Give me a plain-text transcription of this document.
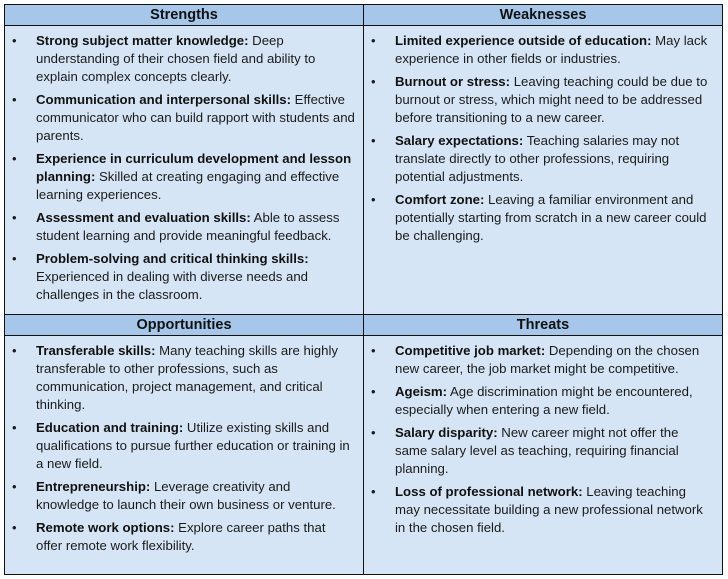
Strengths
• Strong subject matter knowledge: Deep understanding of their chosen field and ability to explain complex concepts clearly.
• Communication and interpersonal skills: Effective communicator who can build rapport with students and parents.
• Experience in curriculum development and lesson planning: Skilled at creating engaging and effective learning experiences.
• Assessment and evaluation skills: Able to assess student learning and provide meaningful feedback.
• Problem-solving and critical thinking skills: Experienced in dealing with diverse needs and challenges in the classroom.
Weaknesses
• Limited experience outside of education: May lack experience in other fields or industries.
• Burnout or stress: Leaving teaching could be due to burnout or stress, which might need to be addressed before transitioning to a new career.
• Salary expectations: Teaching salaries may not translate directly to other professions, requiring potential adjustments.
• Comfort zone: Leaving a familiar environment and potentially starting from scratch in a new career could be challenging.
Opportunities
• Transferable skills: Many teaching skills are highly transferable to other professions, such as communication, project management, and critical thinking.
• Education and training: Utilize existing skills and qualifications to pursue further education or training in a new field.
• Entrepreneurship: Leverage creativity and knowledge to launch their own business or venture.
• Remote work options: Explore career paths that offer remote work flexibility.
Threats
• Competitive job market: Depending on the chosen new career, the job market might be competitive.
• Ageism: Age discrimination might be encountered, especially when entering a new field.
• Salary disparity: New career might not offer the same salary level as teaching, requiring financial planning.
• Loss of professional network: Leaving teaching may necessitate building a new professional network in the chosen field.
